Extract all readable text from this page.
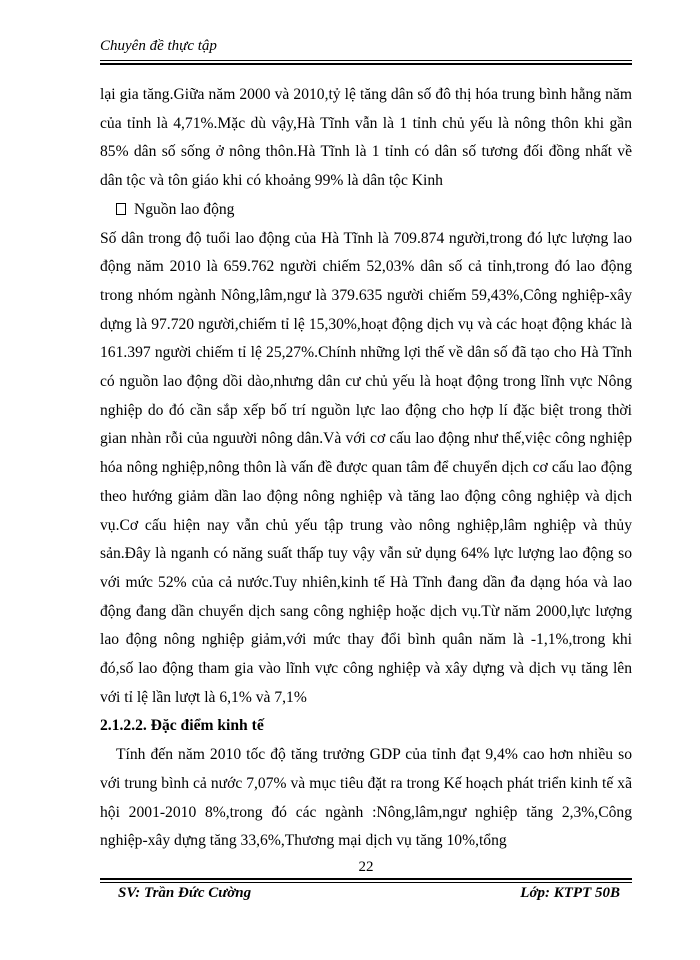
Chuyên đề thực tập

lại gia tăng.Giữa năm 2000 và 2010,tỷ lệ tăng dân số đô thị hóa trung bình hằng năm của tỉnh là 4,71%.Mặc dù vậy,Hà Tĩnh vẫn là 1 tỉnh chủ yếu là nông thôn khi gần 85% dân số sống ở nông thôn.Hà Tĩnh là 1 tỉnh có dân số tương đối đồng nhất về dân tộc và tôn giáo khi có khoảng 99% là dân tộc Kinh

Nguồn lao động

Số dân trong độ tuổi lao động của Hà Tĩnh là 709.874 người,trong đó lực lượng lao động năm 2010 là 659.762 người chiếm 52,03% dân số cả tỉnh,trong đó lao động trong nhóm ngành Nông,lâm,ngư là 379.635 người chiếm 59,43%,Công nghiệp-xây dựng là 97.720 người,chiếm tỉ lệ 15,30%,hoạt động dịch vụ và các hoạt động khác là 161.397 người chiếm tỉ lệ 25,27%.Chính những lợi thế về dân số đã tạo cho Hà Tĩnh có nguồn lao động dồi dào,nhưng dân cư chủ yếu là hoạt động trong lĩnh vực Nông nghiệp do đó cần sắp xếp bố trí nguồn lực lao động cho hợp lí đặc biệt trong thời gian nhàn rỗi của nguười nông dân.Và với cơ cấu lao động như thế,việc công nghiệp hóa nông nghiệp,nông thôn là vấn đề được quan tâm để chuyển dịch cơ cấu lao động theo hướng giảm dần lao động nông nghiệp và tăng lao động công nghiệp và dịch vụ.Cơ cấu hiện nay vẫn chủ yếu tập trung vào nông nghiệp,lâm nghiệp và thủy sản.Đây là nganh có năng suất thấp tuy vậy vẫn sử dụng 64% lực lượng lao động so với mức 52% của cả nước.Tuy nhiên,kinh tế Hà Tĩnh đang dần đa dạng hóa và lao động đang dần chuyển dịch sang công nghiệp hoặc dịch vụ.Từ năm 2000,lực lượng lao động nông nghiệp giảm,với mức thay đổi bình quân năm là -1,1%,trong khi đó,số lao động tham gia vào lĩnh vực công nghiệp và xây dựng và dịch vụ tăng lên với tỉ lệ lần lượt là 6,1% và 7,1%

2.1.2.2. Đặc điểm kinh tế

Tính đến năm 2010 tốc độ tăng trưởng GDP của tỉnh đạt 9,4% cao hơn nhiều so với trung bình cả nước 7,07% và mục tiêu đặt ra trong Kế hoạch phát triển kinh tế xã hội 2001-2010 8%,trong đó các ngành :Nông,lâm,ngư nghiệp tăng 2,3%,Công nghiệp-xây dựng tăng 33,6%,Thương mại dịch vụ tăng 10%,tổng

22
SV: Trần Đức Cường	Lớp: KTPT 50B
